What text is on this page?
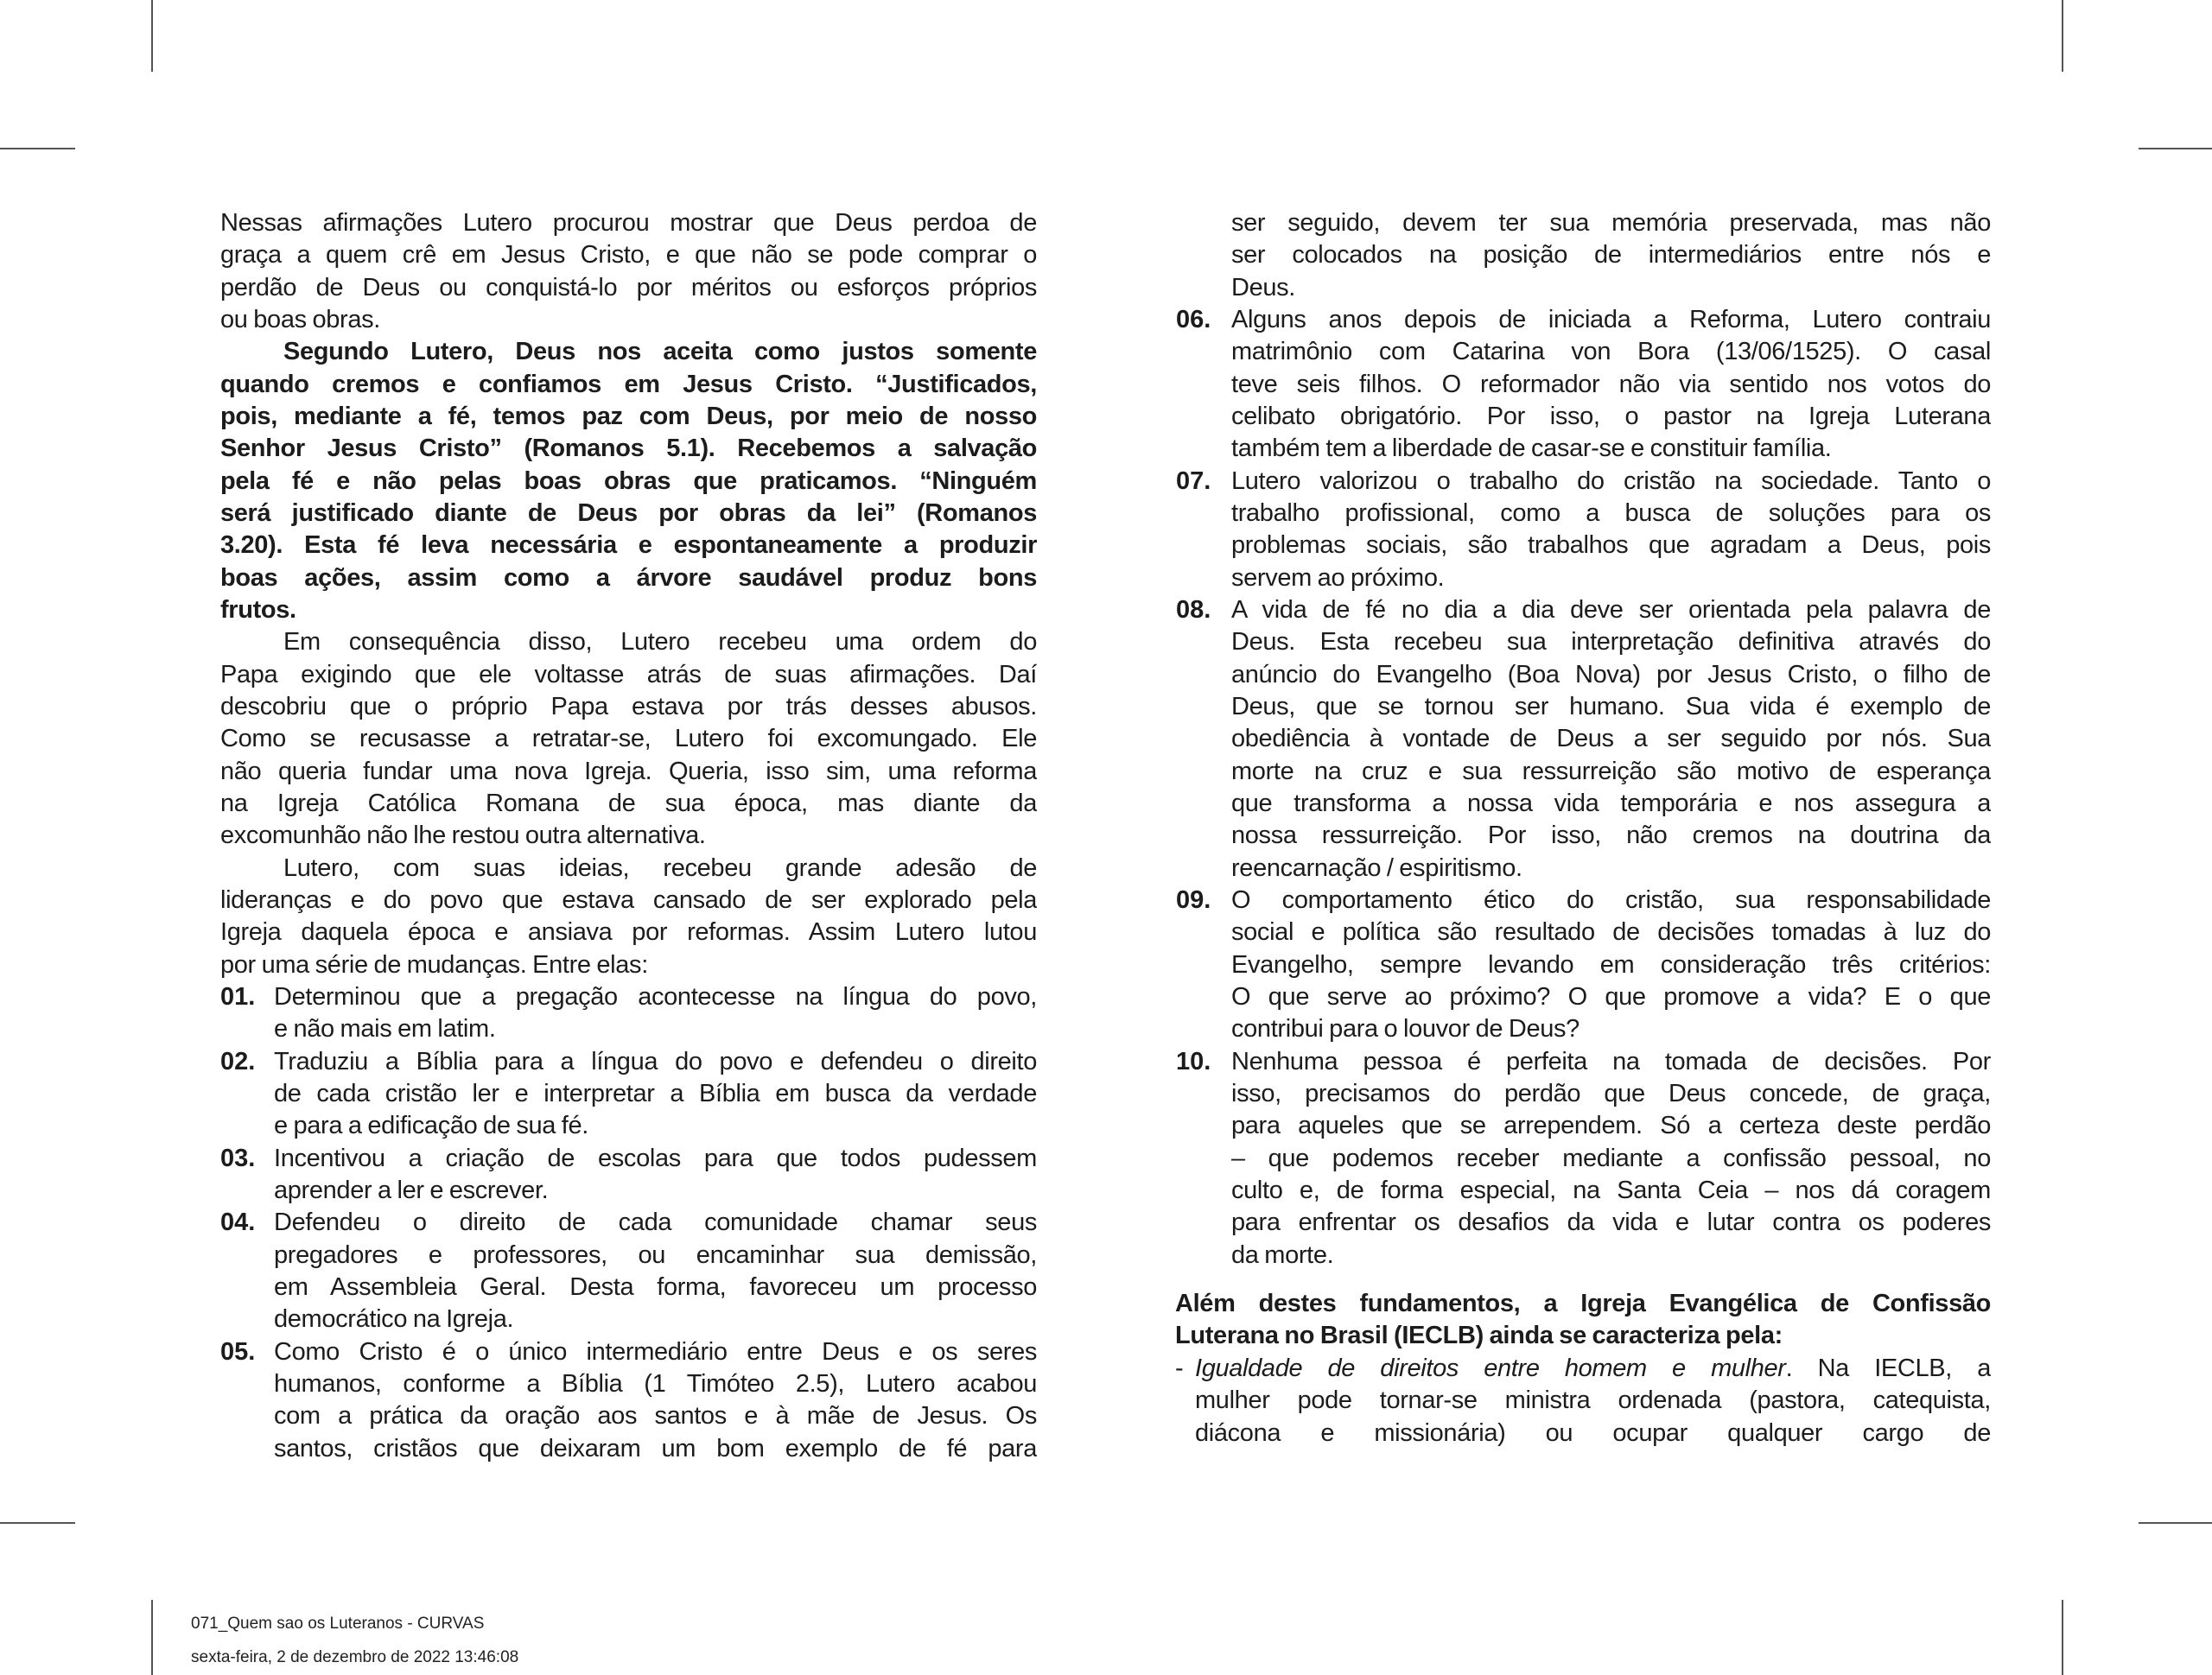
Nessas afirmações Lutero procurou mostrar que Deus perdoa de
graça a quem crê em Jesus Cristo, e que não se pode comprar o
perdão de Deus ou conquistá-lo por méritos ou esforços próprios
ou boas obras.
Segundo Lutero, Deus nos aceita como justos somente
quando cremos e confiamos em Jesus Cristo. “Justificados,
pois, mediante a fé, temos paz com Deus, por meio de nosso
Senhor Jesus Cristo” (Romanos 5.1). Recebemos a salvação
pela fé e não pelas boas obras que praticamos. “Ninguém
será justificado diante de Deus por obras da lei” (Romanos
3.20). Esta fé leva necessária e espontaneamente a produzir
boas ações, assim como a árvore saudável produz bons
frutos.
Em consequência disso, Lutero recebeu uma ordem do
Papa exigindo que ele voltasse atrás de suas afirmações. Daí
descobriu que o próprio Papa estava por trás desses abusos.
Como se recusasse a retratar-se, Lutero foi excomungado. Ele
não queria fundar uma nova Igreja. Queria, isso sim, uma reforma
na Igreja Católica Romana de sua época, mas diante da
excomunhão não lhe restou outra alternativa.
Lutero, com suas ideias, recebeu grande adesão de
lideranças e do povo que estava cansado de ser explorado pela
Igreja daquela época e ansiava por reformas. Assim Lutero lutou
por uma série de mudanças. Entre elas:
01. Determinou que a pregação acontecesse na língua do povo,
e não mais em latim.
02. Traduziu a Bíblia para a língua do povo e defendeu o direito
de cada cristão ler e interpretar a Bíblia em busca da verdade
e para a edificação de sua fé.
03. Incentivou a criação de escolas para que todos pudessem
aprender a ler e escrever.
04. Defendeu o direito de cada comunidade chamar seus
pregadores e professores, ou encaminhar sua demissão,
em Assembleia Geral. Desta forma, favoreceu um processo
democrático na Igreja.
05. Como Cristo é o único intermediário entre Deus e os seres
humanos, conforme a Bíblia (1 Timóteo 2.5), Lutero acabou
com a prática da oração aos santos e à mãe de Jesus. Os
santos, cristãos que deixaram um bom exemplo de fé para
ser seguido, devem ter sua memória preservada, mas não
ser colocados na posição de intermediários entre nós e
Deus.
06. Alguns anos depois de iniciada a Reforma, Lutero contraiu
matrimônio com Catarina von Bora (13/06/1525). O casal
teve seis filhos. O reformador não via sentido nos votos do
celibato obrigatório. Por isso, o pastor na Igreja Luterana
também tem a liberdade de casar-se e constituir família.
07. Lutero valorizou o trabalho do cristão na sociedade. Tanto o
trabalho profissional, como a busca de soluções para os
problemas sociais, são trabalhos que agradam a Deus, pois
servem ao próximo.
08. A vida de fé no dia a dia deve ser orientada pela palavra de
Deus. Esta recebeu sua interpretação definitiva através do
anúncio do Evangelho (Boa Nova) por Jesus Cristo, o filho de
Deus, que se tornou ser humano. Sua vida é exemplo de
obediência à vontade de Deus a ser seguido por nós. Sua
morte na cruz e sua ressurreição são motivo de esperança
que transforma a nossa vida temporária e nos assegura a
nossa ressurreição. Por isso, não cremos na doutrina da
reencarnação / espiritismo.
09. O comportamento ético do cristão, sua responsabilidade
social e política são resultado de decisões tomadas à luz do
Evangelho, sempre levando em consideração três critérios:
O que serve ao próximo? O que promove a vida? E o que
contribui para o louvor de Deus?
10. Nenhuma pessoa é perfeita na tomada de decisões. Por
isso, precisamos do perdão que Deus concede, de graça,
para aqueles que se arrependem. Só a certeza deste perdão
– que podemos receber mediante a confissão pessoal, no
culto e, de forma especial, na Santa Ceia – nos dá coragem
para enfrentar os desafios da vida e lutar contra os poderes
da morte.
Além destes fundamentos, a Igreja Evangélica de Confissão
Luterana no Brasil (IECLB) ainda se caracteriza pela:
- Igualdade de direitos entre homem e mulher. Na IECLB, a
mulher pode tornar-se ministra ordenada (pastora, catequista,
diácona e missionária) ou ocupar qualquer cargo de
071_Quem sao os Luteranos - CURVAS
sexta-feira, 2 de dezembro de 2022 13:46:08
